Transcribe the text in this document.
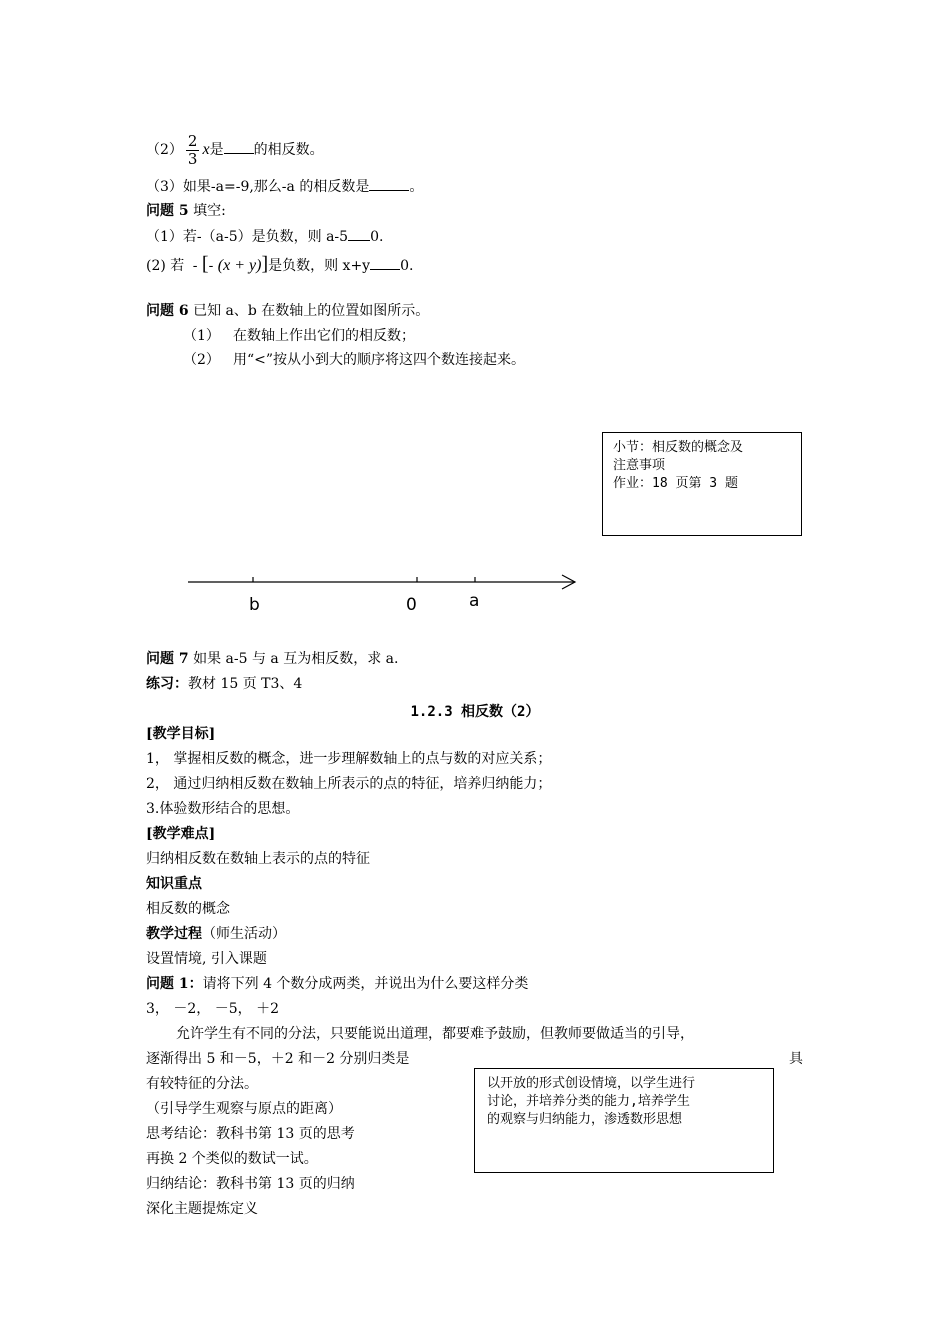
$(2) \frac{2}{3}$ x是 的相反数。
（3）如果-a=-9,那么-a 的相反数是	。
问题 5 填空:
（1）若-（a-5）是负数，则 a-5 0.
(2) 若 - [- (x + y)]是负数，则 x+y 0.
问题 6 已知 a、b 在数轴上的位置如图所示。
（1） 在数轴上作出它们的相反数；
（2） 用“<”按从小到大的顺序将这四个数连接起来。
小节：相反数的概念及
注意事项
作业：18 页第 3 题
b	0	a
问题 7 如果 a-5 与 a 互为相反数，求 a.
练习：教材 15 页 T3、4
1.2.3 相反数（2）
[教学目标]
1， 掌握相反数的概念，进一步理解数轴上的点与数的对应关系；
2， 通过归纳相反数在数轴上所表示的点的特征，培养归纳能力；
3.体验数形结合的思想。
[教学难点]
归纳相反数在数轴上表示的点的特征
知识重点
相反数的概念
教学过程（师生活动）
设置情境, 引入课题
问题 1：请将下列 4 个数分成两类，并说出为什么要这样分类
3， －2， －5， ＋2
允许学生有不同的分法，只要能说出道理，都要难予鼓励，但教师要做适当的引导，
逐渐得出 5 和－5，＋2 和－2 分别归类是	具
有较特征的分法。
（引导学生观察与原点的距离）
思考结论：教科书第 13 页的思考
再换 2 个类似的数试一试。
归纳结论：教科书第 13 页的归纳
深化主题提炼定义
以开放的形式创设情境，以学生进行
讨论，并培养分类的能力,培养学生
的观察与归纳能力，渗透数形思想
